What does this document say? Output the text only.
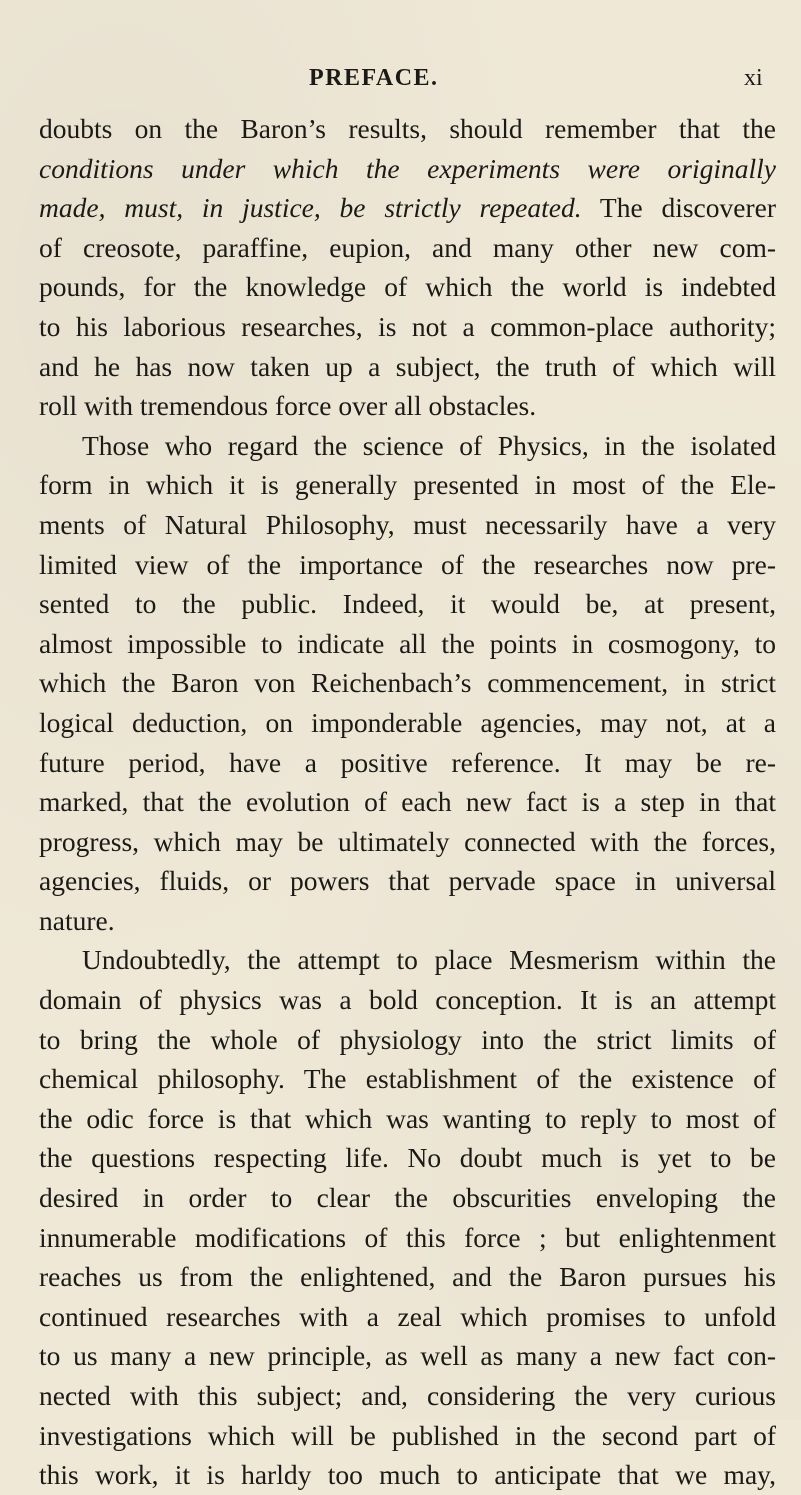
PREFACE.	xi
doubts on the Baron’s results, should remember that the
conditions under which the experiments were originally
made, must, in justice, be strictly repeated. The discoverer
of creosote, paraffine, eupion, and many other new com-
pounds, for the knowledge of which the world is indebted
to his laborious researches, is not a common-place authority;
and he has now taken up a subject, the truth of which will
roll with tremendous force over all obstacles.
Those who regard the science of Physics, in the isolated
form in which it is generally presented in most of the Ele-
ments of Natural Philosophy, must necessarily have a very
limited view of the importance of the researches now pre-
sented to the public. Indeed, it would be, at present,
almost impossible to indicate all the points in cosmogony, to
which the Baron von Reichenbach’s commencement, in strict
logical deduction, on imponderable agencies, may not, at a
future period, have a positive reference. It may be re-
marked, that the evolution of each new fact is a step in that
progress, which may be ultimately connected with the forces,
agencies, fluids, or powers that pervade space in universal
nature.
Undoubtedly, the attempt to place Mesmerism within the
domain of physics was a bold conception. It is an attempt
to bring the whole of physiology into the strict limits of
chemical philosophy. The establishment of the existence of
the odic force is that which was wanting to reply to most of
the questions respecting life. No doubt much is yet to be
desired in order to clear the obscurities enveloping the
innumerable modifications of this force ; but enlightenment
reaches us from the enlightened, and the Baron pursues his
continued researches with a zeal which promises to unfold
to us many a new principle, as well as many a new fact con-
nected with this subject; and, considering the very curious
investigations which will be published in the second part of
this work, it is harldy too much to anticipate that we may,
